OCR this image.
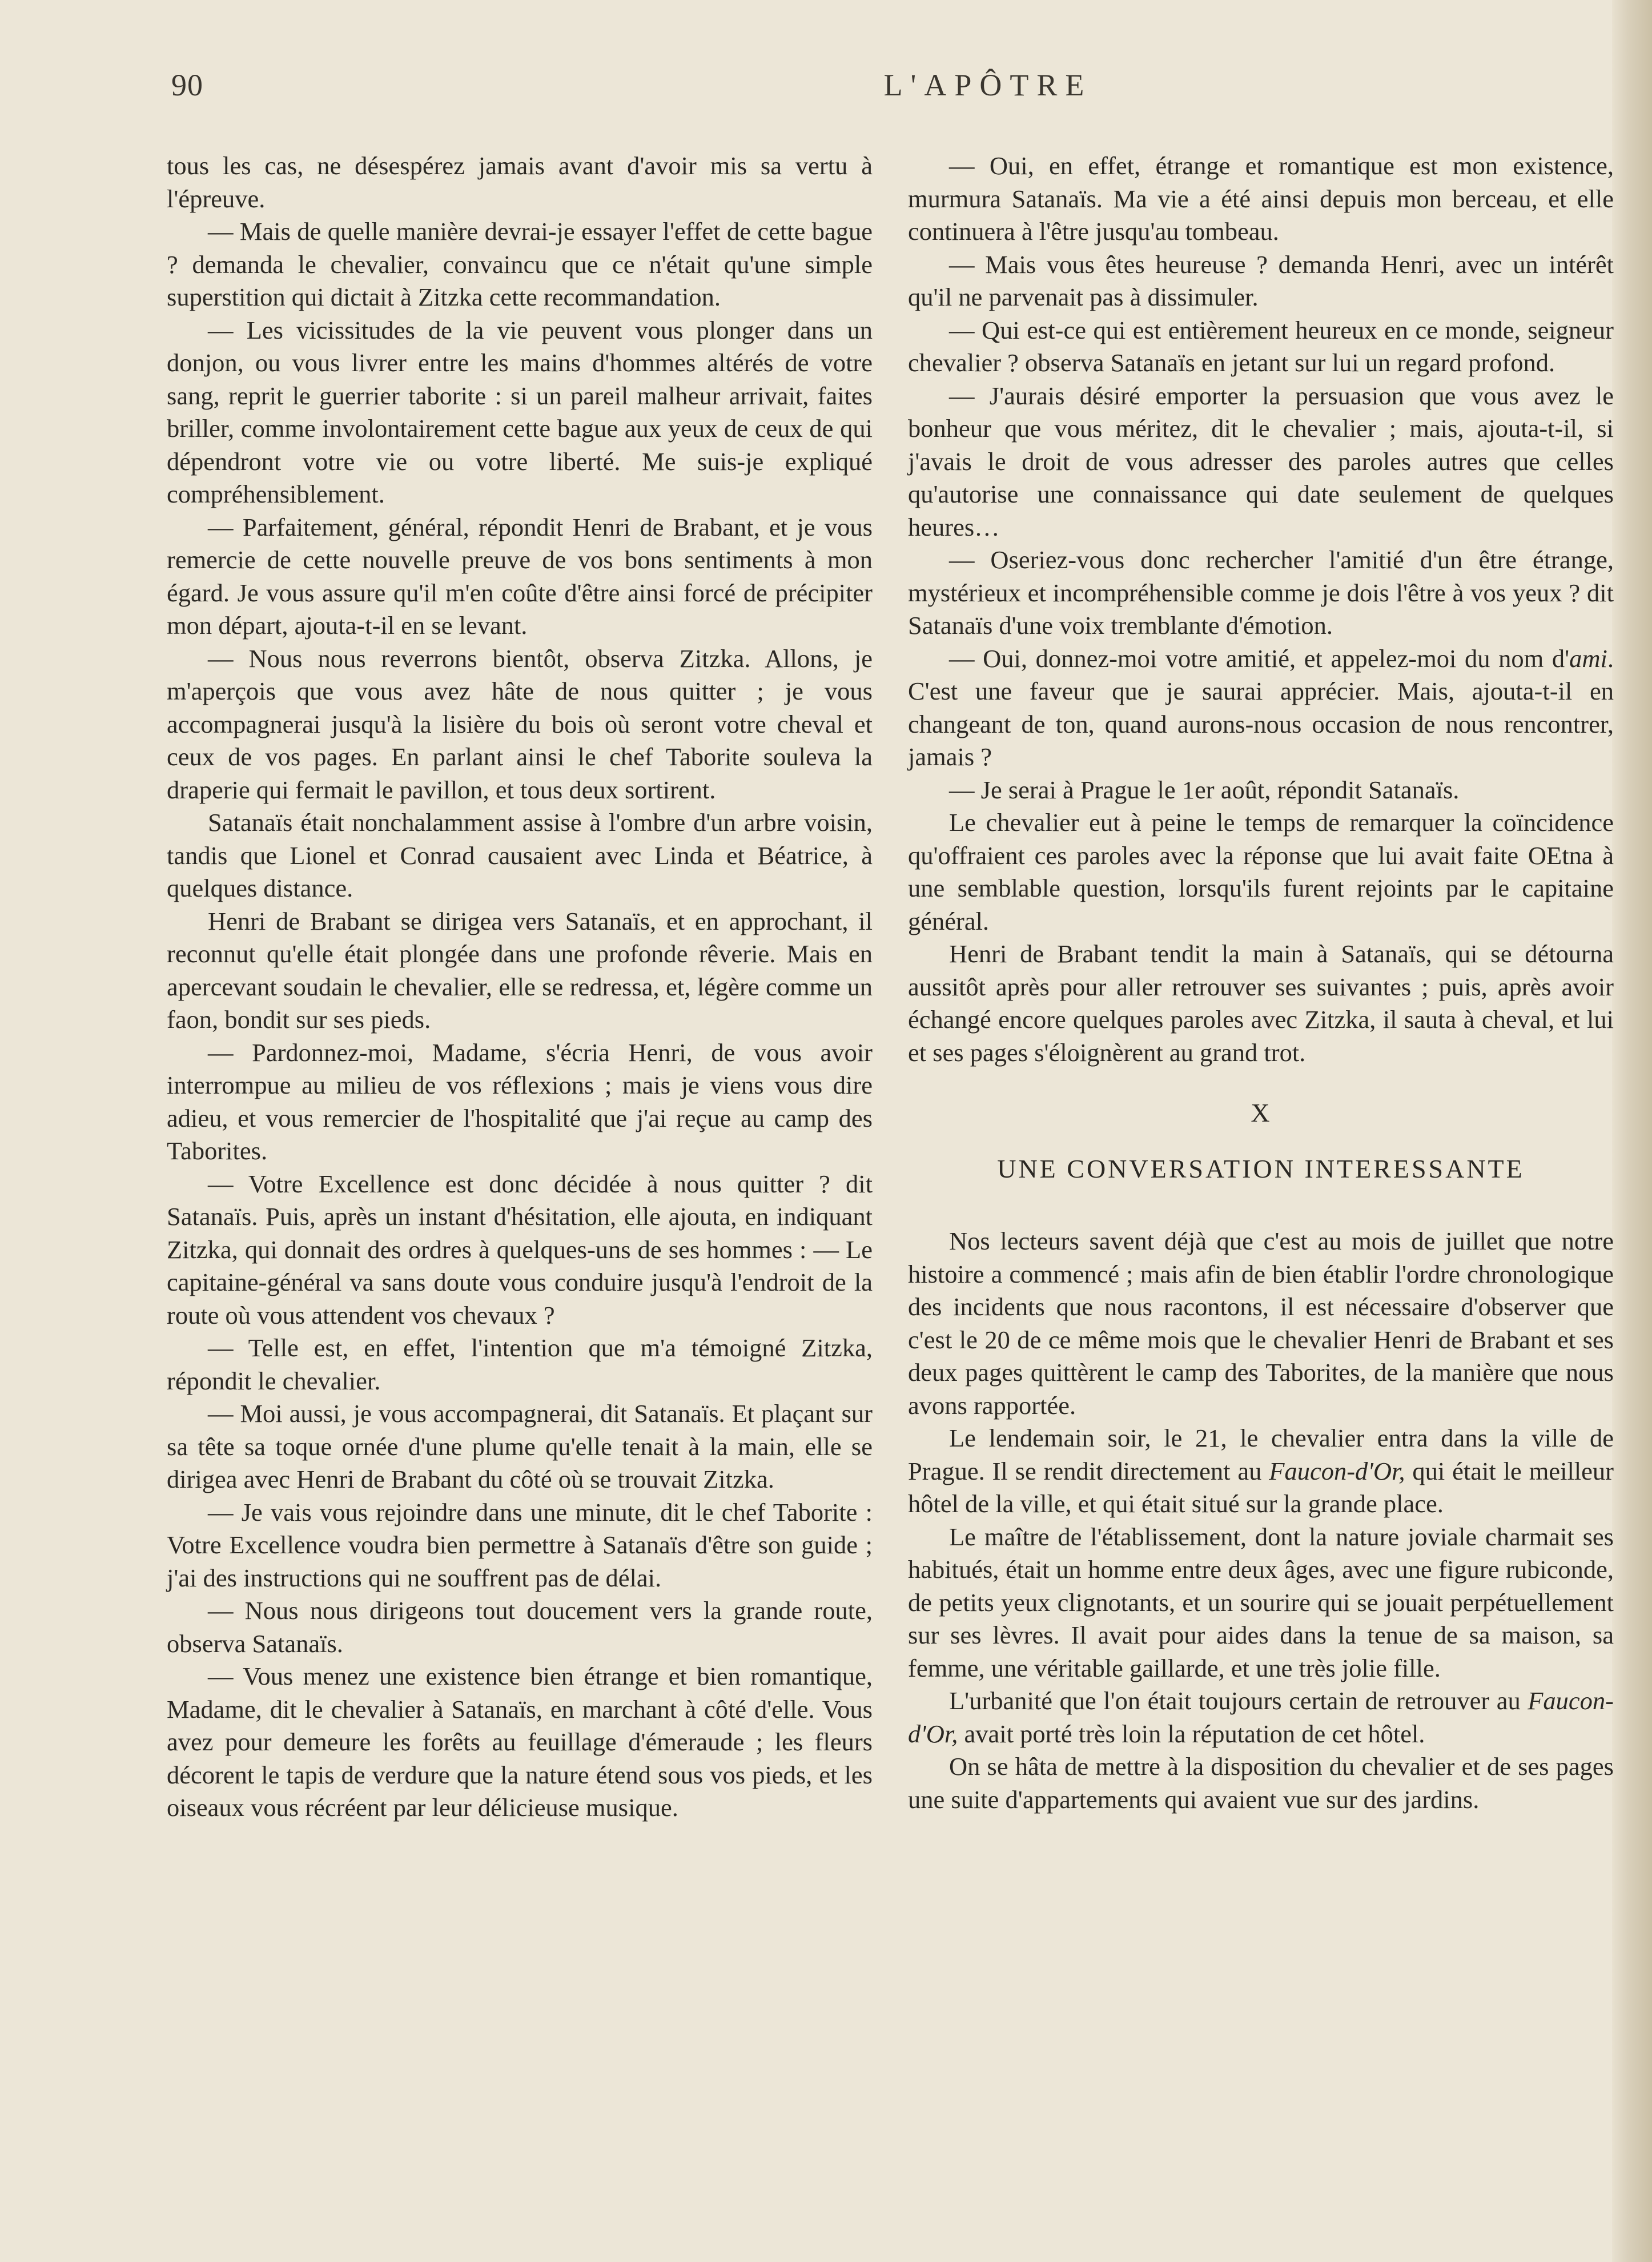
90	L'APÔTRE

tous les cas, ne désespérez jamais avant d'avoir mis sa vertu à l'épreuve.

— Mais de quelle manière devrai-je essayer l'effet de cette bague ? demanda le chevalier, convaincu que ce n'était qu'une simple superstition qui dictait à Zitzka cette recommandation.

— Les vicissitudes de la vie peuvent vous plonger dans un donjon, ou vous livrer entre les mains d'hommes altérés de votre sang, reprit le guerrier taborite : si un pareil malheur arrivait, faites briller, comme involontairement cette bague aux yeux de ceux de qui dépendront votre vie ou votre liberté. Me suis-je expliqué compréhensiblement.

— Parfaitement, général, répondit Henri de Brabant, et je vous remercie de cette nouvelle preuve de vos bons sentiments à mon égard. Je vous assure qu'il m'en coûte d'être ainsi forcé de précipiter mon départ, ajouta-t-il en se levant.

— Nous nous reverrons bientôt, observa Zitzka. Allons, je m'aperçois que vous avez hâte de nous quitter ; je vous accompagnerai jusqu'à la lisière du bois où seront votre cheval et ceux de vos pages. En parlant ainsi le chef Taborite souleva la draperie qui fermait le pavillon, et tous deux sortirent.

Satanaïs était nonchalamment assise à l'ombre d'un arbre voisin, tandis que Lionel et Conrad causaient avec Linda et Béatrice, à quelques distance.

Henri de Brabant se dirigea vers Satanaïs, et en approchant, il reconnut qu'elle était plongée dans une profonde rêverie. Mais en apercevant soudain le chevalier, elle se redressa, et, légère comme un faon, bondit sur ses pieds.

— Pardonnez-moi, Madame, s'écria Henri, de vous avoir interrompue au milieu de vos réflexions ; mais je viens vous dire adieu, et vous remercier de l'hospitalité que j'ai reçue au camp des Taborites.

— Votre Excellence est donc décidée à nous quitter ? dit Satanaïs. Puis, après un instant d'hésitation, elle ajouta, en indiquant Zitzka, qui donnait des ordres à quelques-uns de ses hommes : — Le capitaine-général va sans doute vous conduire jusqu'à l'endroit de la route où vous attendent vos chevaux ?

— Telle est, en effet, l'intention que m'a témoigné Zitzka, répondit le chevalier.

— Moi aussi, je vous accompagnerai, dit Satanaïs. Et plaçant sur sa tête sa toque ornée d'une plume qu'elle tenait à la main, elle se dirigea avec Henri de Brabant du côté où se trouvait Zitzka.

— Je vais vous rejoindre dans une minute, dit le chef Taborite : Votre Excellence voudra bien permettre à Satanaïs d'être son guide ; j'ai des instructions qui ne souffrent pas de délai.

— Nous nous dirigeons tout doucement vers la grande route, observa Satanaïs.

— Vous menez une existence bien étrange et bien romantique, Madame, dit le chevalier à Satanaïs, en marchant à côté d'elle. Vous avez pour demeure les forêts au feuillage d'émeraude ; les fleurs décorent le tapis de verdure que la nature étend sous vos pieds, et les oiseaux vous récréent par leur délicieuse musique.

— Oui, en effet, étrange et romantique est mon existence, murmura Satanaïs. Ma vie a été ainsi depuis mon berceau, et elle continuera à l'être jusqu'au tombeau.

— Mais vous êtes heureuse ? demanda Henri, avec un intérêt qu'il ne parvenait pas à dissimuler.

— Qui est-ce qui est entièrement heureux en ce monde, seigneur chevalier ? observa Satanaïs en jetant sur lui un regard profond.

— J'aurais désiré emporter la persuasion que vous avez le bonheur que vous méritez, dit le chevalier ; mais, ajouta-t-il, si j'avais le droit de vous adresser des paroles autres que celles qu'autorise une connaissance qui date seulement de quelques heures…

— Oseriez-vous donc rechercher l'amitié d'un être étrange, mystérieux et incompréhensible comme je dois l'être à vos yeux ? dit Satanaïs d'une voix tremblante d'émotion.

— Oui, donnez-moi votre amitié, et appelez-moi du nom d'ami. C'est une faveur que je saurai apprécier. Mais, ajouta-t-il en changeant de ton, quand aurons-nous occasion de nous rencontrer, jamais ?

— Je serai à Prague le 1er août, répondit Satanaïs.

Le chevalier eut à peine le temps de remarquer la coïncidence qu'offraient ces paroles avec la réponse que lui avait faite OEtna à une semblable question, lorsqu'ils furent rejoints par le capitaine général.

Henri de Brabant tendit la main à Satanaïs, qui se détourna aussitôt après pour aller retrouver ses suivantes ; puis, après avoir échangé encore quelques paroles avec Zitzka, il sauta à cheval, et lui et ses pages s'éloignèrent au grand trot.

X
UNE CONVERSATION INTERESSANTE

Nos lecteurs savent déjà que c'est au mois de juillet que notre histoire a commencé ; mais afin de bien établir l'ordre chronologique des incidents que nous racontons, il est nécessaire d'observer que c'est le 20 de ce même mois que le chevalier Henri de Brabant et ses deux pages quittèrent le camp des Taborites, de la manière que nous avons rapportée.

Le lendemain soir, le 21, le chevalier entra dans la ville de Prague. Il se rendit directement au Faucon-d'Or, qui était le meilleur hôtel de la ville, et qui était situé sur la grande place.

Le maître de l'établissement, dont la nature joviale charmait ses habitués, était un homme entre deux âges, avec une figure rubiconde, de petits yeux clignotants, et un sourire qui se jouait perpétuellement sur ses lèvres. Il avait pour aides dans la tenue de sa maison, sa femme, une véritable gaillarde, et une très jolie fille.

L'urbanité que l'on était toujours certain de retrouver au Faucon-d'Or, avait porté très loin la réputation de cet hôtel.

On se hâta de mettre à la disposition du chevalier et de ses pages une suite d'appartements qui avaient vue sur des jardins.
